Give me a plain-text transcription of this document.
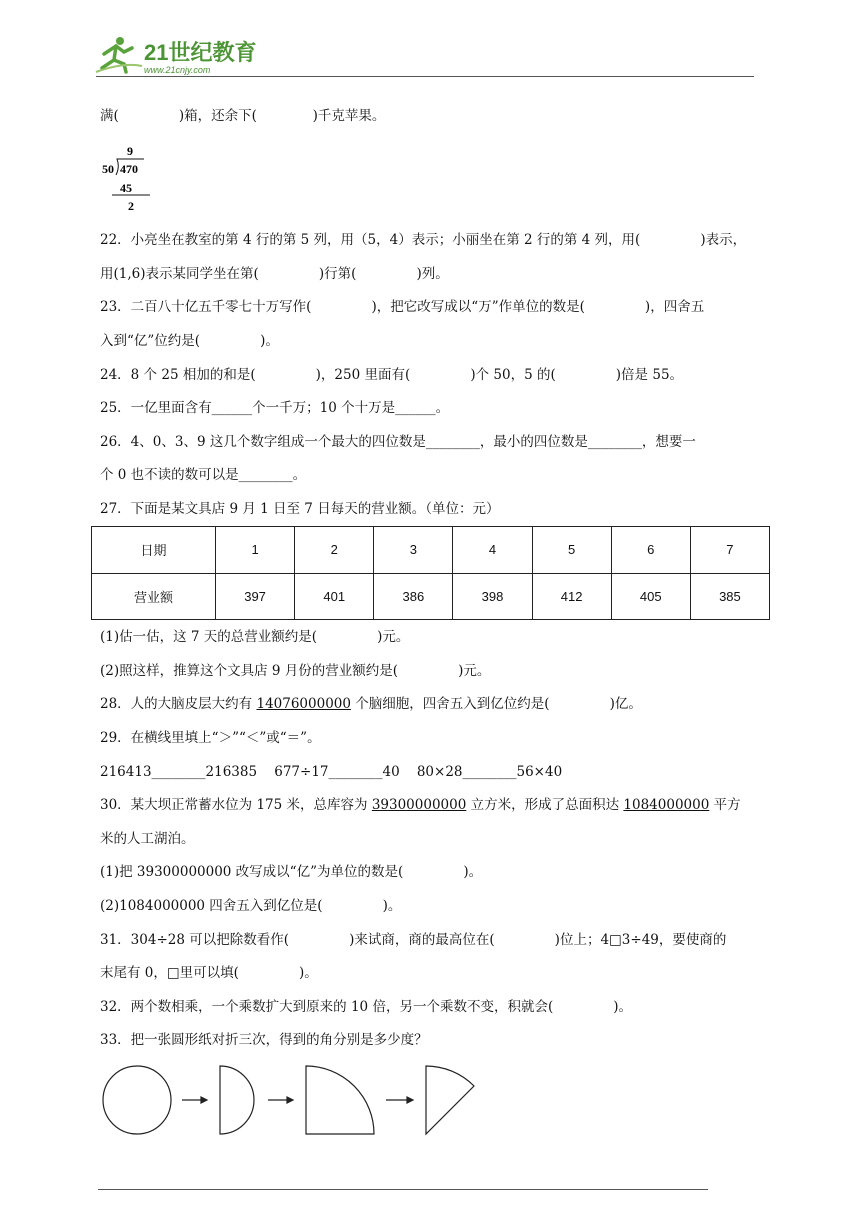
21世纪教育
www.21cnjy.com
满(              )箱，还余下(             )千克苹果。
9
50 470
45
2
22．小亮坐在教室的第 4 行的第 5 列，用（5，4）表示；小丽坐在第 2 行的第 4 列，用(              )表示，
用(1,6)表示某同学坐在第(              )行第(              )列。
23．二百八十亿五千零七十万写作(              )，把它改写成以“万”作单位的数是(              )，四舍五
入到“亿”位约是(              )。
24．8 个 25 相加的和是(              )，250 里面有(              )个 50，5 的(              )倍是 55。
25．一亿里面含有______个一千万；10 个十万是______。
26．4、0、3、9 这几个数字组成一个最大的四位数是________，最小的四位数是________，想要一
个 0 也不读的数可以是________。
27．下面是某文具店 9 月 1 日至 7 日每天的营业额。（单位：元）
日期	1	2	3	4	5	6	7
营业额	397	401	386	398	412	405	385
(1)估一估，这 7 天的总营业额约是(              )元。
(2)照这样，推算这个文具店 9 月份的营业额约是(              )元。
28．人的大脑皮层大约有 14076000000 个脑细胞，四舍五入到亿位约是(              )亿。
29．在横线里填上“＞”“＜”或“＝”。
216413________216385    677÷17________40    80×28________56×40
30．某大坝正常蓄水位为 175 米，总库容为 39300000000 立方米，形成了总面积达 1084000000 平方
米的人工湖泊。
(1)把 39300000000 改写成以“亿”为单位的数是(              )。
(2)1084000000 四舍五入到亿位是(              )。
31．304÷28 可以把除数看作(              )来试商，商的最高位在(              )位上；4□3÷49，要使商的
末尾有 0，□里可以填(              )。
32．两个数相乘，一个乘数扩大到原来的 10 倍，另一个乘数不变，积就会(              )。
33．把一张圆形纸对折三次，得到的角分别是多少度？
